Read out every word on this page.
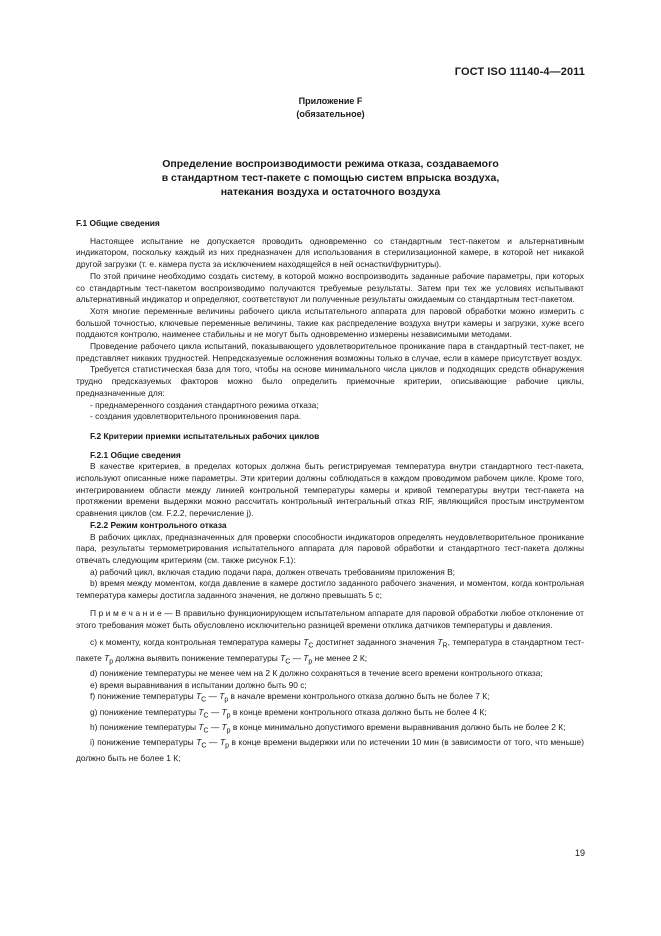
ГОСТ ISO 11140-4—2011
Приложение F
(обязательное)
Определение воспроизводимости режима отказа, создаваемого
в стандартном тест-пакете с помощью систем впрыска воздуха,
натекания воздуха и остаточного воздуха

F.1 Общие сведения

Настоящее испытание не допускается проводить одновременно со стандартным тест-пакетом и альтернативным индикатором, поскольку каждый из них предназначен для использования в стерилизационной камере, в которой нет никакой другой загрузки (т. е. камера пуста за исключением находящейся в ней оснастки/фурнитуры).

По этой причине необходимо создать систему, в которой можно воспроизводить заданные рабочие параметры, при которых со стандартным тест-пакетом воспроизводимо получаются требуемые результаты. Затем при тех же условиях испытывают альтернативный индикатор и определяют, соответствуют ли полученные результаты ожидаемым со стандартным тест-пакетом.

Хотя многие переменные величины рабочего цикла испытательного аппарата для паровой обработки можно измерить с большой точностью, ключевые переменные величины, такие как распределение воздуха внутри камеры и загрузки, хуже всего поддаются контролю, наименее стабильны и не могут быть одновременно измерены независимыми методами.

Проведение рабочего цикла испытаний, показывающего удовлетворительное проникание пара в стандартный тест-пакет, не представляет никаких трудностей. Непредсказуемые осложнения возможны только в случае, если в камере присутствует воздух.

Требуется статистическая база для того, чтобы на основе минимального числа циклов и подходящих средств обнаружения трудно предсказуемых факторов можно было определить приемочные критерии, описывающие рабочие циклы, предназначенные для:

- преднамеренного создания стандартного режима отказа;

- создания удовлетворительного проникновения пара.

F.2 Критерии приемки испытательных рабочих циклов

F.2.1 Общие сведения

В качестве критериев, в пределах которых должна быть регистрируемая температура внутри стандартного тест-пакета, используют описанные ниже параметры. Эти критерии должны соблюдаться в каждом проводимом рабочем цикле. Кроме того, интегрированием области между линией контрольной температуры камеры и кривой температуры внутри тест-пакета на протяжении времени выдержки можно рассчитать контрольный интегральный отказ RIF, являющийся простым инструментом сравнения циклов (см. F.2.2, перечисление j).

F.2.2 Режим контрольного отказа

В рабочих циклах, предназначенных для проверки способности индикаторов определять неудовлетворительное проникание пара, результаты термометрирования испытательного аппарата для паровой обработки и стандартного тест-пакета должны отвечать следующим критериям (см. также рисунок F.1):

a) рабочий цикл, включая стадию подачи пара, должен отвечать требованиям приложения B;

b) время между моментом, когда давление в камере достигло заданного рабочего значения, и моментом, когда контрольная температура камеры достигла заданного значения, не должно превышать 5 с;

П р и м е ч а н и е — В правильно функционирующем испытательном аппарате для паровой обработки любое отклонение от этого требования может быть обусловлено исключительно разницей времени отклика датчиков температуры и давления.

c) к моменту, когда контрольная температура камеры $T_C$ достигнет заданного значения $T_R$, температура в стандартном тест-пакете $T_p$ должна выявить понижение температуры $T_C$ — $T_p$ не менее 2 К;

d) понижение температуры не менее чем на 2 К должно сохраняться в течение всего времени контрольного отказа;

e) время выравнивания в испытании должно быть 90 с;

f) понижение температуры $T_C$ — $T_p$ в начале времени контрольного отказа должно быть не более 7 К;

g) понижение температуры $T_C$ — $T_p$ в конце времени контрольного отказа должно быть не более 4 К;

h) понижение температуры $T_C$ — $T_p$ в конце минимально допустимого времени выравнивания должно быть не более 2 К;

i) понижение температуры $T_C$ — $T_p$ в конце времени выдержки или по истечении 10 мин (в зависимости от того, что меньше) должно быть не более 1 К;

19
